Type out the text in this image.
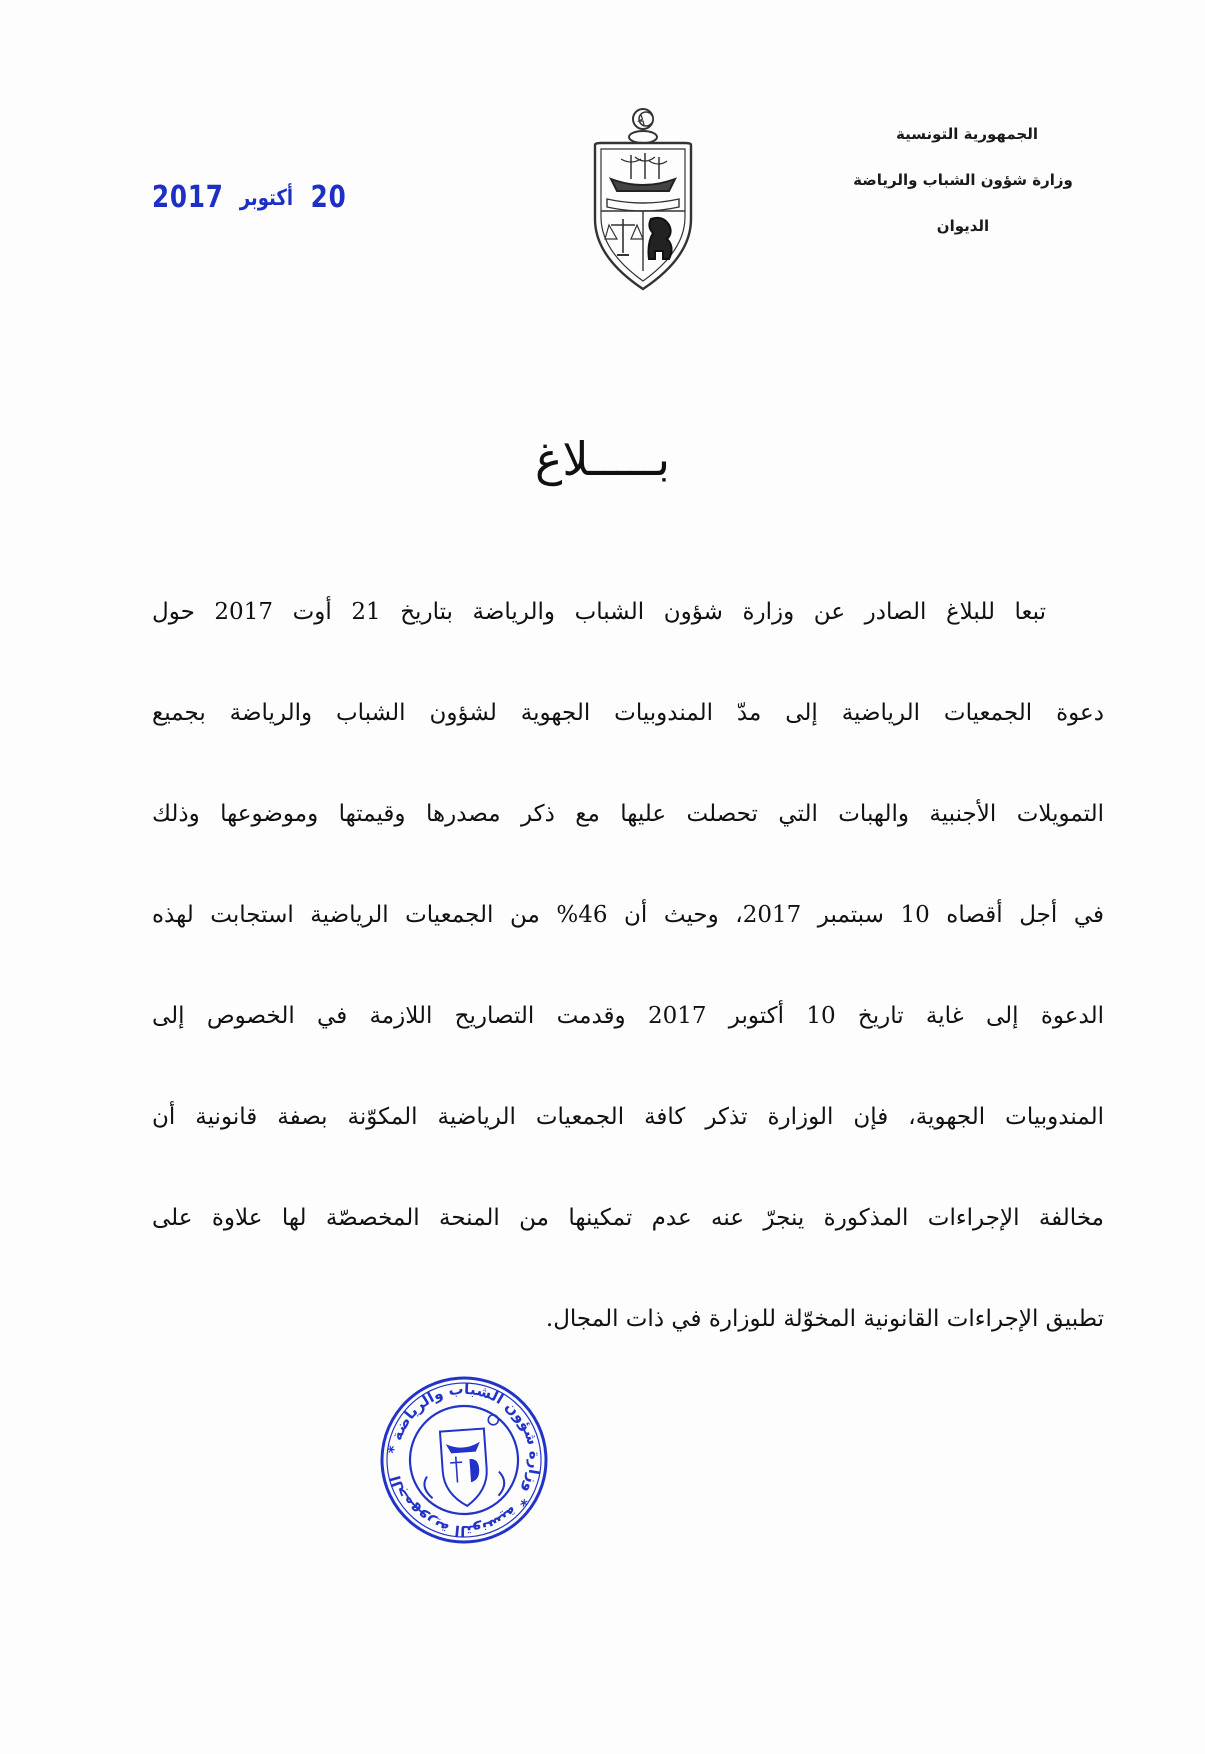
الجمهورية التونسية
وزارة شؤون الشباب والرياضة
الديوان
2017 أكتوبر 20
بـــــلاغ
تبعا للبلاغ الصادر عن وزارة شؤون الشباب والرياضة بتاريخ 21 أوت 2017 حول
دعوة الجمعيات الرياضية إلى مدّ المندوبيات الجهوية لشؤون الشباب والرياضة بجميع
التمويلات الأجنبية والهبات التي تحصلت عليها مع ذكر مصدرها وقيمتها وموضوعها وذلك
في أجل أقصاه 10 سبتمبر 2017، وحيث أن 46% من الجمعيات الرياضية استجابت لهذه
الدعوة إلى غاية تاريخ 10 أكتوبر 2017 وقدمت التصاريح اللازمة في الخصوص إلى
المندوبيات الجهوية، فإن الوزارة تذكر كافة الجمعيات الرياضية المكوّنة بصفة قانونية أن
مخالفة الإجراءات المذكورة ينجرّ عنه عدم تمكينها من المنحة المخصصّة لها علاوة على
تطبيق الإجراءات القانونية المخوّلة للوزارة في ذات المجال.
الجمهورية التونسية * وزارة شؤون الشباب والرياضة *
